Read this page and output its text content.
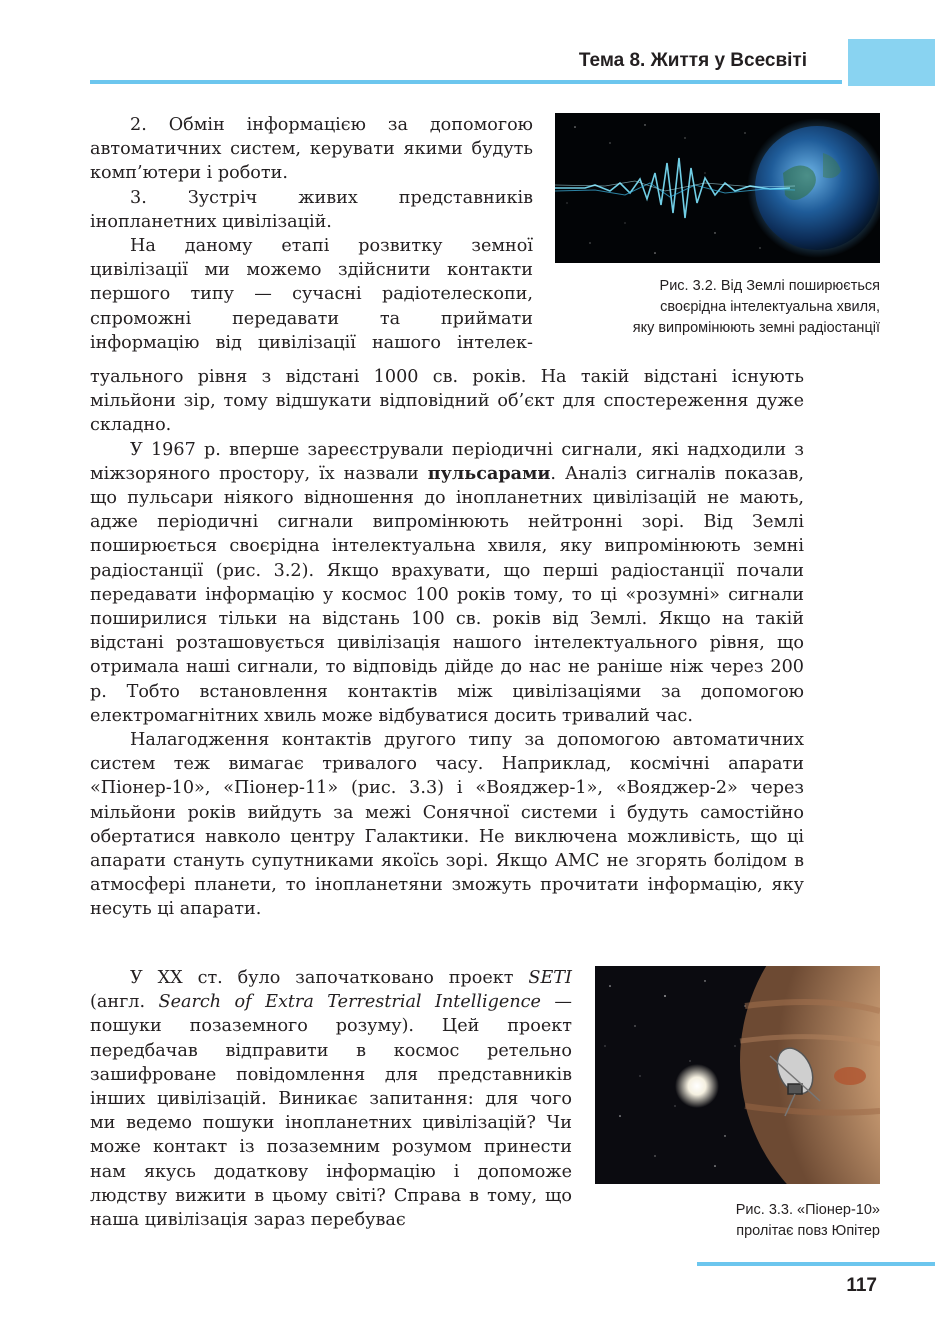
Тема 8. Життя у Всесвіті
Рис. 3.2. Від Землі поширюється
своєрідна інтелектуальна хвиля,
яку випромінюють земні радіостанції

2. Обмін інформацією за допомогою автоматичних систем, керувати якими будуть комп’ютери і роботи.

3. Зустріч живих представників інопланетних цивілізацій.

На даному етапі розвитку земної цивілізації ми можемо здійснити контакти першого типу — сучасні радіотелескопи, спроможні передавати та приймати інформацію від цивілізації нашого інтелек-

туального рівня з відстані 1000 св. років. На такій відстані існують мільйони зір, тому відшукати відповідний об’єкт для спостереження дуже складно.

У 1967 р. вперше зареєстрували періодичні сигнали, які надходили з міжзоряного простору, їх назвали пульсарами. Аналіз сигналів показав, що пульсари ніякого відношення до інопланетних цивілізацій не мають, адже періодичні сигнали випромінюють нейтронні зорі. Від Землі поширюється своєрідна інтелектуальна хвиля, яку випромінюють земні радіостанції (рис. 3.2). Якщо врахувати, що перші радіостанції почали передавати інформацію у космос 100 років тому, то ці «розумні» сигнали поширилися тільки на відстань 100 св. років від Землі. Якщо на такій відстані розташовується цивілізація нашого інтелектуального рівня, що отримала наші сигнали, то відповідь дійде до нас не раніше ніж через 200 р. Тобто встановлення контактів між цивілізаціями за допомогою електромагнітних хвиль може відбуватися досить тривалий час.

Налагодження контактів другого типу за допомогою автоматичних систем теж вимагає тривалого часу. Наприклад, космічні апарати «Піонер-10», «Піонер-11» (рис. 3.3) і «Вояджер-1», «Вояджер-2» через мільйони років вийдуть за межі Сонячної системи і будуть самостійно обертатися навколо центру Галактики. Не виключена можливість, що ці апарати стануть супутниками якоїсь зорі. Якщо АМС не згорять болідом в атмосфері планети, то інопланетяни зможуть прочитати інформацію, яку несуть ці апарати.

У XX ст. було започатковано проект SETI (англ. Search of Extra Terrestrial Intelligence — пошуки позаземного розуму). Цей проект передбачав відправити в космос ретельно зашифроване повідомлення для представників інших цивілізацій. Виникає запитання: для чого ми ведемо пошуки інопланетних цивілізацій? Чи може контакт із позаземним розумом принести нам якусь додаткову інформацію і допоможе людству вижити в цьому світі? Справа в тому, що наша цивілізація зараз перебуває

Рис. 3.3. «Піонер-10»
пролітає повз Юпітер
117
